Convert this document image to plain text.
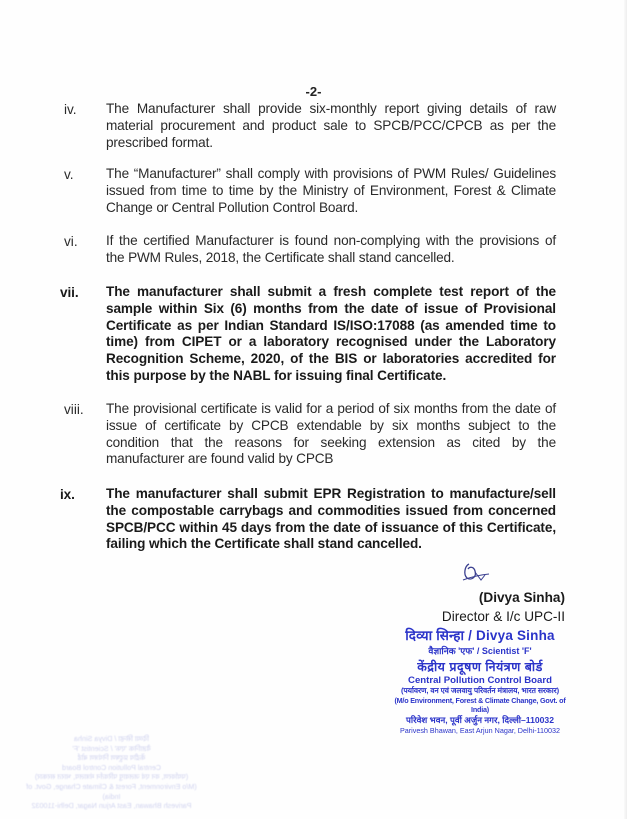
-2-
iv.	The Manufacturer shall provide six-monthly report giving details of raw material procurement and product sale to SPCB/PCC/CPCB as per the prescribed format.

v.	The “Manufacturer” shall comply with provisions of PWM Rules/ Guidelines issued from time to time by the Ministry of Environment, Forest & Climate Change or Central Pollution Control Board.

vi.	If the certified Manufacturer is found non-complying with the provisions of the PWM Rules, 2018, the Certificate shall stand cancelled.

vii.	The manufacturer shall submit a fresh complete test report of the sample within Six (6) months from the date of issue of Provisional Certificate as per Indian Standard IS/ISO:17088 (as amended time to time) from CIPET or a laboratory recognised under the Laboratory Recognition Scheme, 2020, of the BIS or laboratories accredited for this purpose by the NABL for issuing final Certificate.

viii.	The provisional certificate is valid for a period of six months from the date of issue of certificate by CPCB extendable by six months subject to the condition that the reasons for seeking extension as cited by the manufacturer are found valid by CPCB

ix.	The manufacturer shall submit EPR Registration to manufacture/sell the compostable carrybags and commodities issued from concerned SPCB/PCC within 45 days from the date of issuance of this Certificate, failing which the Certificate shall stand cancelled.

(Divya Sinha)
Director & I/c UPC-II
दिव्या सिन्हा / Divya Sinha
वैज्ञानिक 'एफ' / Scientist 'F'
केंद्रीय प्रदूषण नियंत्रण बोर्ड
Central Pollution Control Board
(पर्यावरण, वन एवं जलवायु परिवर्तन मंत्रालय, भारत सरकार)
(M/o Environment, Forest & Climate Change, Govt. of India)
परिवेश भवन, पूर्वी अर्जुन नगर, दिल्ली–110032
Parivesh Bhawan, East Arjun Nagar, Delhi-110032
दिव्या सिन्हा / Divya Sinha
वैज्ञानिक 'एफ' / Scientist 'F'
केंद्रीय प्रदूषण नियंत्रण बोर्ड
Central Pollution Control Board
(पर्यावरण, वन एवं जलवायु परिवर्तन मंत्रालय, भारत सरकार)
(M/o Environment, Forest & Climate Change, Govt. of India)
Parivesh Bhawan, East Arjun Nagar, Delhi-110032
